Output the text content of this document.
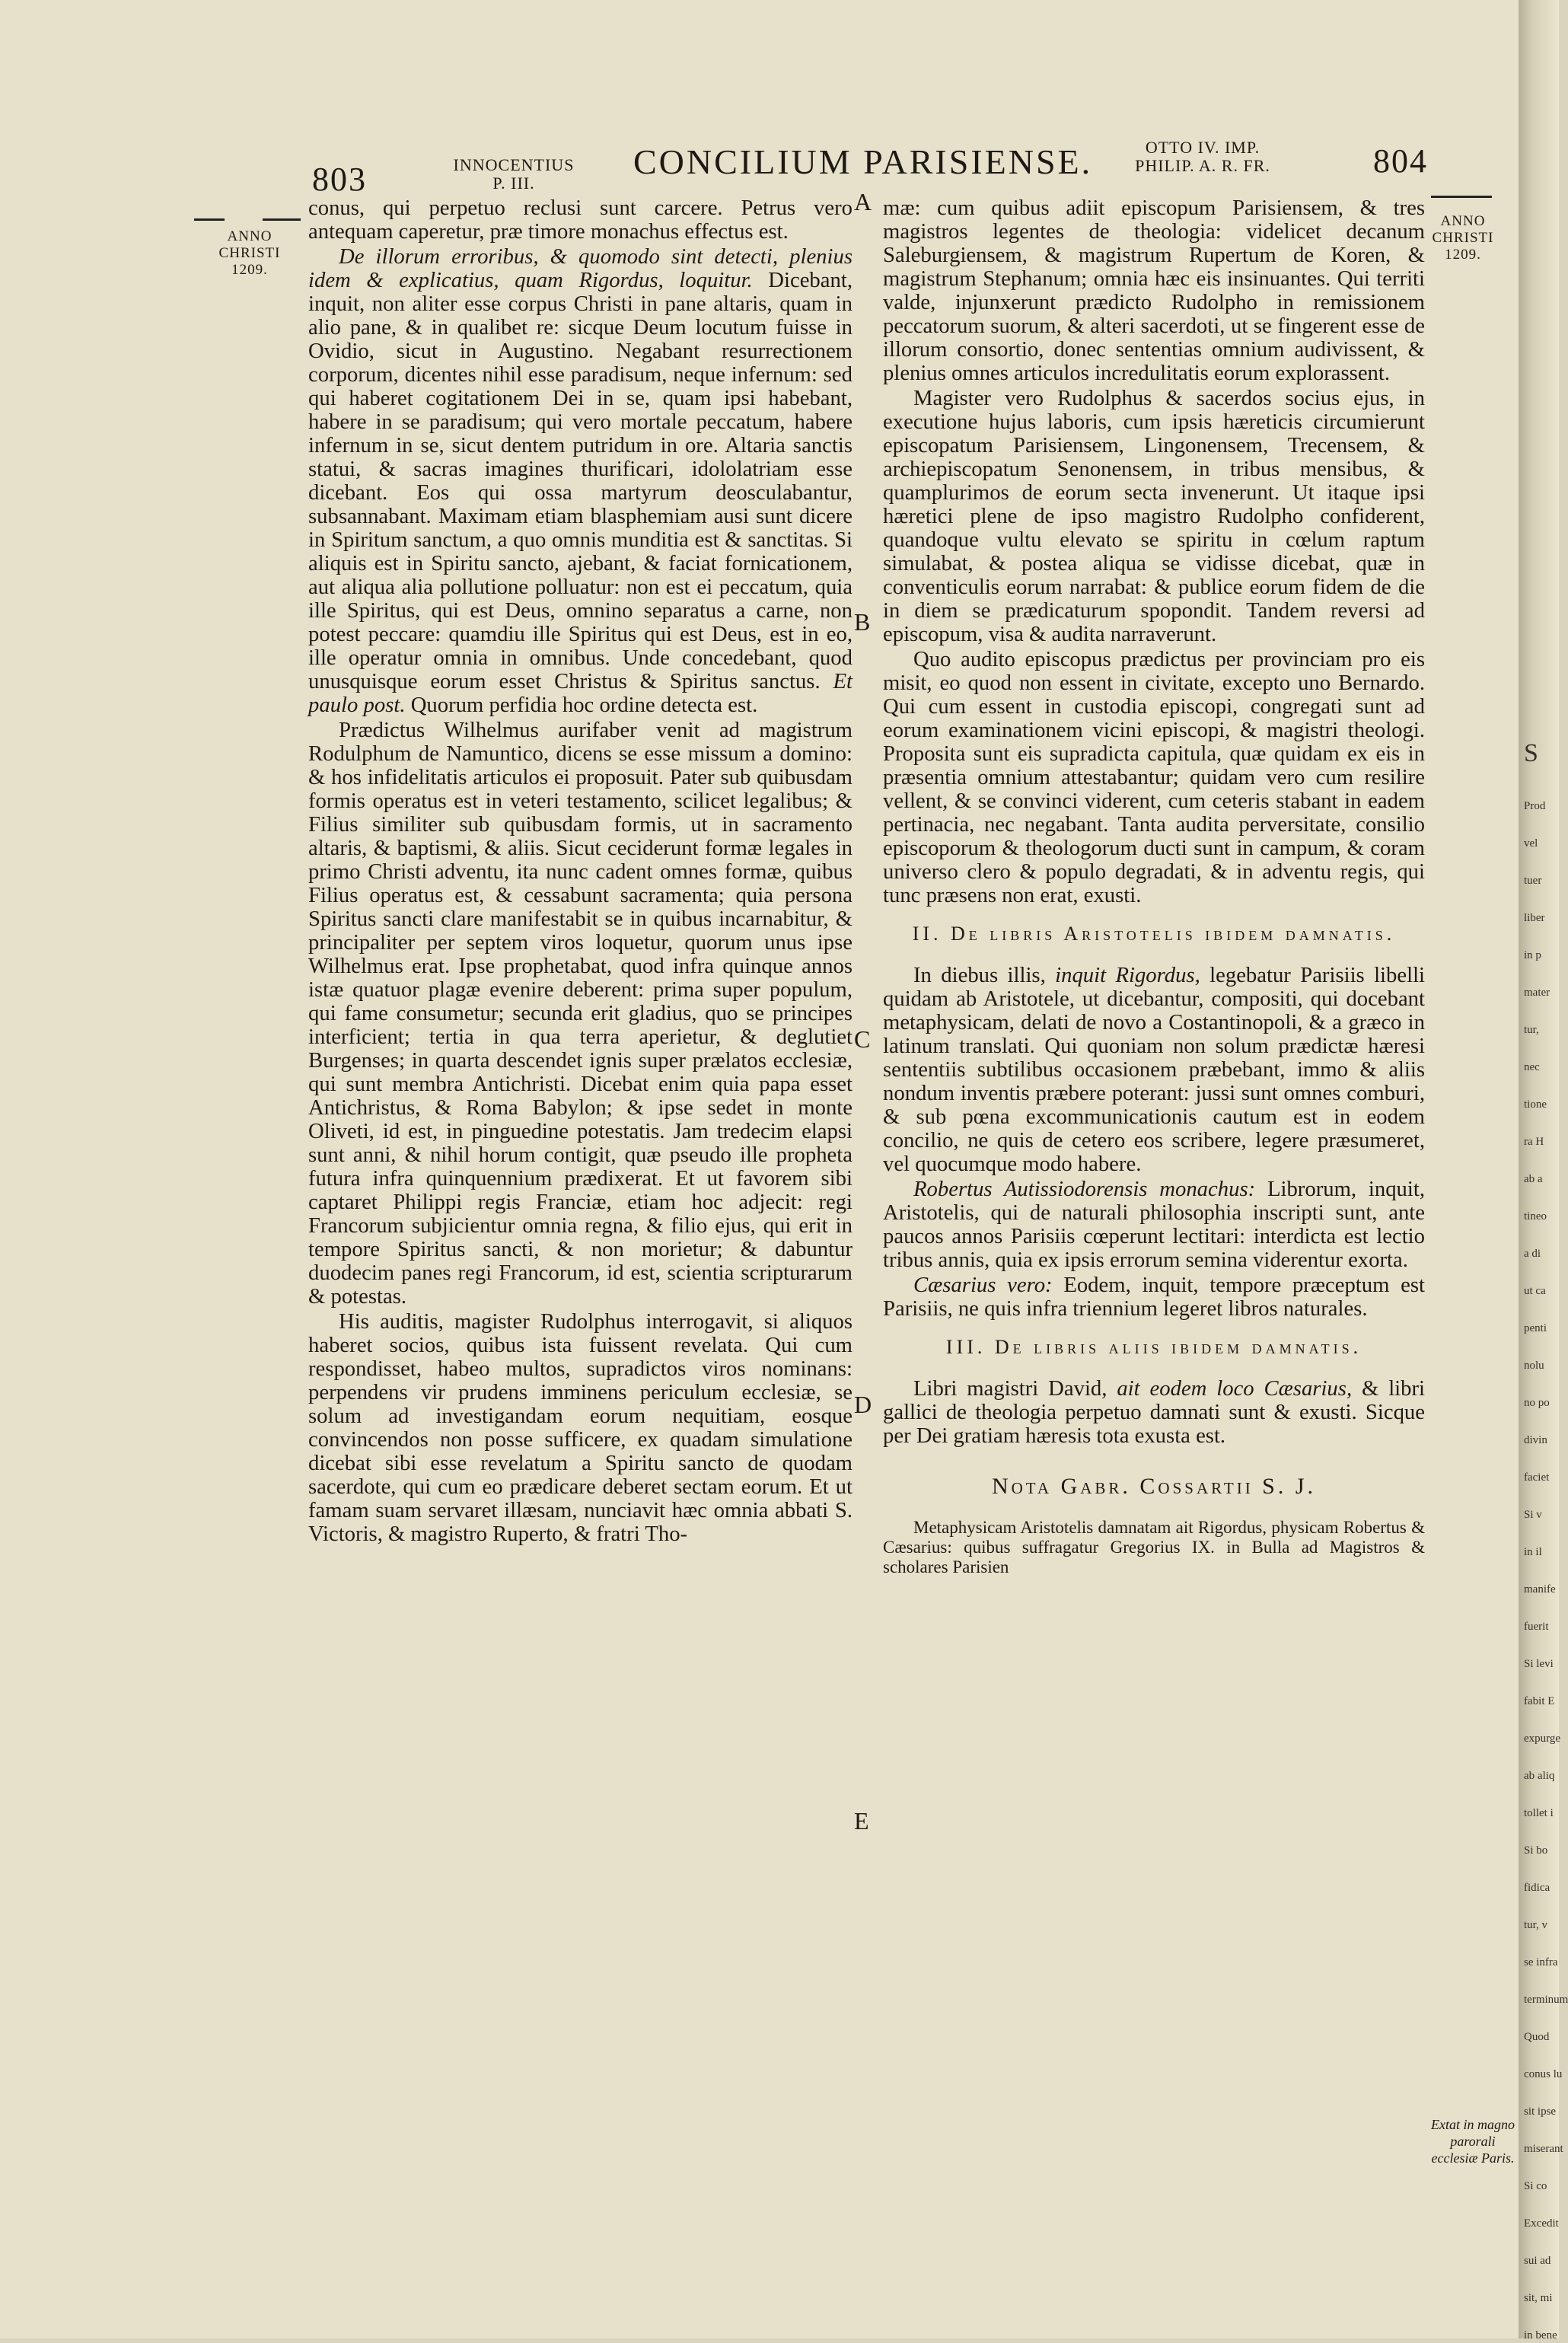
803	INNOCENTIUS
P. III.
CONCILIUM PARISIENSE.	OTTO IV. IMP.
PHILIP. A. R. FR.	804
ANNO
CHRISTI
1209.
ANNO
CHRISTI
1209.
A
B
C
D
E

conus, qui perpetuo reclusi sunt carcere. Petrus vero antequam caperetur, præ timore monachus effectus est.

De illorum erroribus, & quomodo sint detecti, plenius idem & explicatius, quam Rigordus, loquitur. Dicebant, inquit, non aliter esse corpus Christi in pane altaris, quam in alio pane, & in qualibet re: sicque Deum locutum fuisse in Ovidio, sicut in Augustino. Negabant resurrectionem corporum, dicentes nihil esse paradisum, neque infernum: sed qui haberet cogitationem Dei in se, quam ipsi habebant, habere in se paradisum; qui vero mortale peccatum, habere infernum in se, sicut dentem putridum in ore. Altaria sanctis statui, & sacras imagines thurificari, idololatriam esse dicebant. Eos qui ossa martyrum deosculabantur, subsannabant. Maximam etiam blasphemiam ausi sunt dicere in Spiritum sanctum, a quo omnis munditia est & sanctitas. Si aliquis est in Spiritu sancto, ajebant, & faciat fornicationem, aut aliqua alia pollutione polluatur: non est ei peccatum, quia ille Spiritus, qui est Deus, omnino separatus a carne, non potest peccare: quamdiu ille Spiritus qui est Deus, est in eo, ille operatur omnia in omnibus. Unde concedebant, quod unusquisque eorum esset Christus & Spiritus sanctus. Et paulo post. Quorum perfidia hoc ordine detecta est.

Prædictus Wilhelmus aurifaber venit ad magistrum Rodulphum de Namuntico, dicens se esse missum a domino: & hos infidelitatis articulos ei proposuit. Pater sub quibusdam formis operatus est in veteri testamento, scilicet legalibus; & Filius similiter sub quibusdam formis, ut in sacramento altaris, & baptismi, & aliis. Sicut ceciderunt formæ legales in primo Christi adventu, ita nunc cadent omnes formæ, quibus Filius operatus est, & cessabunt sacramenta; quia persona Spiritus sancti clare manifestabit se in quibus incarnabitur, & principaliter per septem viros loquetur, quorum unus ipse Wilhelmus erat. Ipse prophetabat, quod infra quinque annos istæ quatuor plagæ evenire deberent: prima super populum, qui fame consumetur; secunda erit gladius, quo se principes interficient; tertia in qua terra aperietur, & deglutiet Burgenses; in quarta descendet ignis super prælatos ecclesiæ, qui sunt membra Antichristi. Dicebat enim quia papa esset Antichristus, & Roma Babylon; & ipse sedet in monte Oliveti, id est, in pinguedine potestatis. Jam tredecim elapsi sunt anni, & nihil horum contigit, quæ pseudo ille propheta futura infra quinquennium prædixerat. Et ut favorem sibi captaret Philippi regis Franciæ, etiam hoc adjecit: regi Francorum subjicientur omnia regna, & filio ejus, qui erit in tempore Spiritus sancti, & non morietur; & dabuntur duodecim panes regi Francorum, id est, scientia scripturarum & potestas.

His auditis, magister Rudolphus interrogavit, si aliquos haberet socios, quibus ista fuissent revelata. Qui cum respondisset, habeo multos, supradictos viros nominans: perpendens vir prudens imminens periculum ecclesiæ, se solum ad investigandam eorum nequitiam, eosque convincendos non posse sufficere, ex quadam simulatione dicebat sibi esse revelatum a Spiritu sancto de quodam sacerdote, qui cum eo prædicare deberet sectam eorum. Et ut famam suam servaret illæsam, nunciavit hæc omnia abbati S. Victoris, & magistro Ruperto, & fratri Tho-

mæ: cum quibus adiit episcopum Parisiensem, & tres magistros legentes de theologia: videlicet decanum Saleburgiensem, & magistrum Rupertum de Koren, & magistrum Stephanum; omnia hæc eis insinuantes. Qui territi valde, injunxerunt prædicto Rudolpho in remissionem peccatorum suorum, & alteri sacerdoti, ut se fingerent esse de illorum consortio, donec sententias omnium audivissent, & plenius omnes articulos incredulitatis eorum explorassent.

Magister vero Rudolphus & sacerdos socius ejus, in executione hujus laboris, cum ipsis hæreticis circumierunt episcopatum Parisiensem, Lingonensem, Trecensem, & archiepiscopatum Senonensem, in tribus mensibus, & quamplurimos de eorum secta invenerunt. Ut itaque ipsi hæretici plene de ipso magistro Rudolpho confiderent, quandoque vultu elevato se spiritu in cœlum raptum simulabat, & postea aliqua se vidisse dicebat, quæ in conventiculis eorum narrabat: & publice eorum fidem de die in diem se prædicaturum spopondit. Tandem reversi ad episcopum, visa & audita narraverunt.

Quo audito episcopus prædictus per provinciam pro eis misit, eo quod non essent in civitate, excepto uno Bernardo. Qui cum essent in custodia episcopi, congregati sunt ad eorum examinationem vicini episcopi, & magistri theologi. Proposita sunt eis supradicta capitula, quæ quidam ex eis in præsentia omnium attestabantur; quidam vero cum resilire vellent, & se convinci viderent, cum ceteris stabant in eadem pertinacia, nec negabant. Tanta audita perversitate, consilio episcoporum & theologorum ducti sunt in campum, & coram universo clero & populo degradati, & in adventu regis, qui tunc præsens non erat, exusti.

II. De libris Aristotelis ibidem damnatis.

In diebus illis, inquit Rigordus, legebatur Parisiis libelli quidam ab Aristotele, ut dicebantur, compositi, qui docebant metaphysicam, delati de novo a Costantinopoli, & a græco in latinum translati. Qui quoniam non solum prædictæ hæresi sententiis subtilibus occasionem præbebant, immo & aliis nondum inventis præbere poterant: jussi sunt omnes comburi, & sub pœna excommunicationis cautum est in eodem concilio, ne quis de cetero eos scribere, legere præsumeret, vel quocumque modo habere.

Robertus Autissiodorensis monachus: Librorum, inquit, Aristotelis, qui de naturali philosophia inscripti sunt, ante paucos annos Parisiis cœperunt lectitari: interdicta est lectio tribus annis, quia ex ipsis errorum semina viderentur exorta.

Cæsarius vero: Eodem, inquit, tempore præceptum est Parisiis, ne quis infra triennium legeret libros naturales.

III. De libris aliis ibidem damnatis.

Libri magistri David, ait eodem loco Cæsarius, & libri gallici de theologia perpetuo damnati sunt & exusti. Sicque per Dei gratiam hæresis tota exusta est.

Nota Gabr. Cossartii S. J.

Metaphysicam Aristotelis damnatam ait Rigordus, physicam Robertus & Cæsarius: quibus suffragatur Gregorius IX. in Bulla ad Magistros & scholares Parisien

Extat in magno parorali ecclesiæ Paris.
S
Prod
vel
tuer
liber
in p
mater
tur,
nec
tione
ra H
ab a
tineo
a di
ut ca
penti
nolu
no po
divin
faciet
Si v
in il
manife
fuerit
Si levi
fabit E
expurge
ab aliq
tollet i
Si bo
fidica
tur, v
se infra
terminum
Quod
conus lu
sit ipse
miserant
Si co
Excedit
sui ad
sit, mi
in bene
